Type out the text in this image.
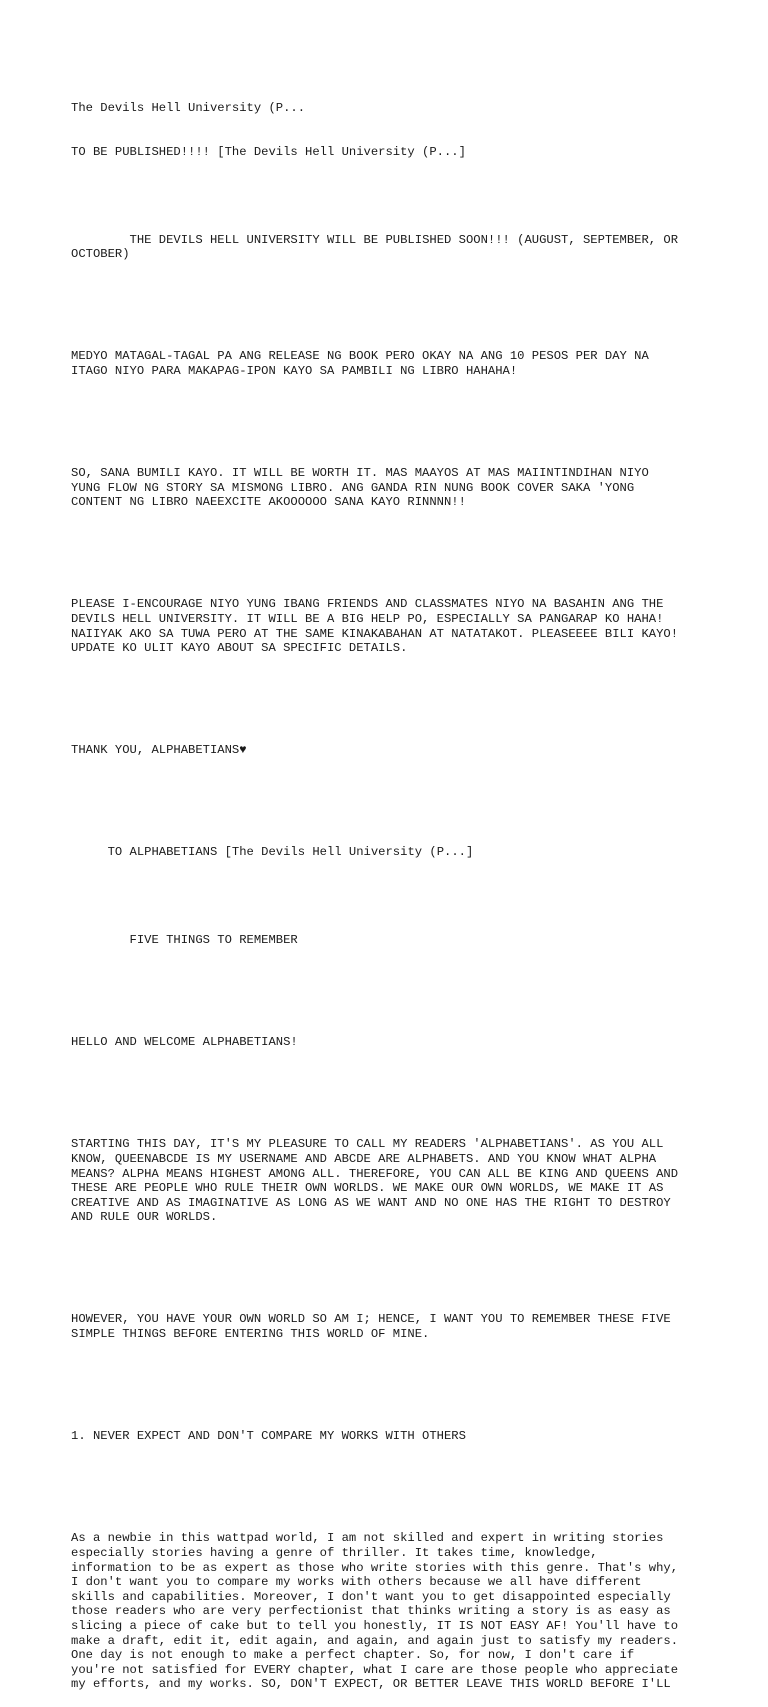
The Devils Hell University (P...

TO BE PUBLISHED!!!! [The Devils Hell University (P...]

THE DEVILS HELL UNIVERSITY WILL BE PUBLISHED SOON!!! (AUGUST, SEPTEMBER, OR
OCTOBER)

MEDYO MATAGAL-TAGAL PA ANG RELEASE NG BOOK PERO OKAY NA ANG 10 PESOS PER DAY NA
ITAGO NIYO PARA MAKAPAG-IPON KAYO SA PAMBILI NG LIBRO HAHAHA!

SO, SANA BUMILI KAYO. IT WILL BE WORTH IT. MAS MAAYOS AT MAS MAIINTINDIHAN NIYO
YUNG FLOW NG STORY SA MISMONG LIBRO. ANG GANDA RIN NUNG BOOK COVER SAKA 'YONG
CONTENT NG LIBRO NAEEXCITE AKOOOOOO SANA KAYO RINNNN!!

PLEASE I-ENCOURAGE NIYO YUNG IBANG FRIENDS AND CLASSMATES NIYO NA BASAHIN ANG THE
DEVILS HELL UNIVERSITY. IT WILL BE A BIG HELP PO, ESPECIALLY SA PANGARAP KO HAHA!
NAIIYAK AKO SA TUWA PERO AT THE SAME KINAKABAHAN AT NATATAKOT. PLEASEEEE BILI KAYO!
UPDATE KO ULIT KAYO ABOUT SA SPECIFIC DETAILS.

THANK YOU, ALPHABETIANS♥

TO ALPHABETIANS [The Devils Hell University (P...]

FIVE THINGS TO REMEMBER

HELLO AND WELCOME ALPHABETIANS!

STARTING THIS DAY, IT'S MY PLEASURE TO CALL MY READERS 'ALPHABETIANS'. AS YOU ALL
KNOW, QUEENABCDE IS MY USERNAME AND ABCDE ARE ALPHABETS. AND YOU KNOW WHAT ALPHA
MEANS? ALPHA MEANS HIGHEST AMONG ALL. THEREFORE, YOU CAN ALL BE KING AND QUEENS AND
THESE ARE PEOPLE WHO RULE THEIR OWN WORLDS. WE MAKE OUR OWN WORLDS, WE MAKE IT AS
CREATIVE AND AS IMAGINATIVE AS LONG AS WE WANT AND NO ONE HAS THE RIGHT TO DESTROY
AND RULE OUR WORLDS.

HOWEVER, YOU HAVE YOUR OWN WORLD SO AM I; HENCE, I WANT YOU TO REMEMBER THESE FIVE
SIMPLE THINGS BEFORE ENTERING THIS WORLD OF MINE.

1. NEVER EXPECT AND DON'T COMPARE MY WORKS WITH OTHERS

As a newbie in this wattpad world, I am not skilled and expert in writing stories
especially stories having a genre of thriller. It takes time, knowledge,
information to be as expert as those who write stories with this genre. That's why,
I don't want you to compare my works with others because we all have different
skills and capabilities. Moreover, I don't want you to get disappointed especially
those readers who are very perfectionist that thinks writing a story is as easy as
slicing a piece of cake but to tell you honestly, IT IS NOT EASY AF! You'll have to
make a draft, edit it, edit again, and again, and again just to satisfy my readers.
One day is not enough to make a perfect chapter. So, for now, I don't care if
you're not satisfied for EVERY chapter, what I care are those people who appreciate
my efforts, and my works. SO, DON'T EXPECT, OR BETTER LEAVE THIS WORLD BEFORE I'LL
